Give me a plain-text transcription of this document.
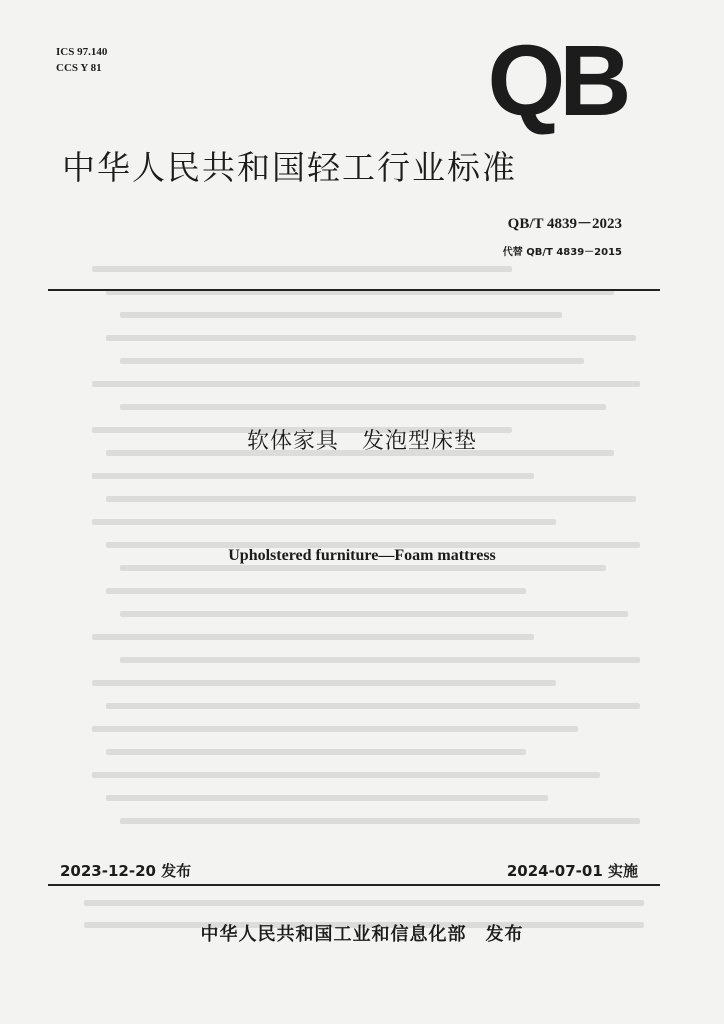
ICS 97.140
CCS Y 81	QB
中华人民共和国轻工行业标准
QB/T 4839－2023
代替 QB/T 4839－2015
软体家具　发泡型床垫
Upholstered furniture—Foam mattress
2023-12-20 发布	2024-07-01 实施
中华人民共和国工业和信息化部　发布
